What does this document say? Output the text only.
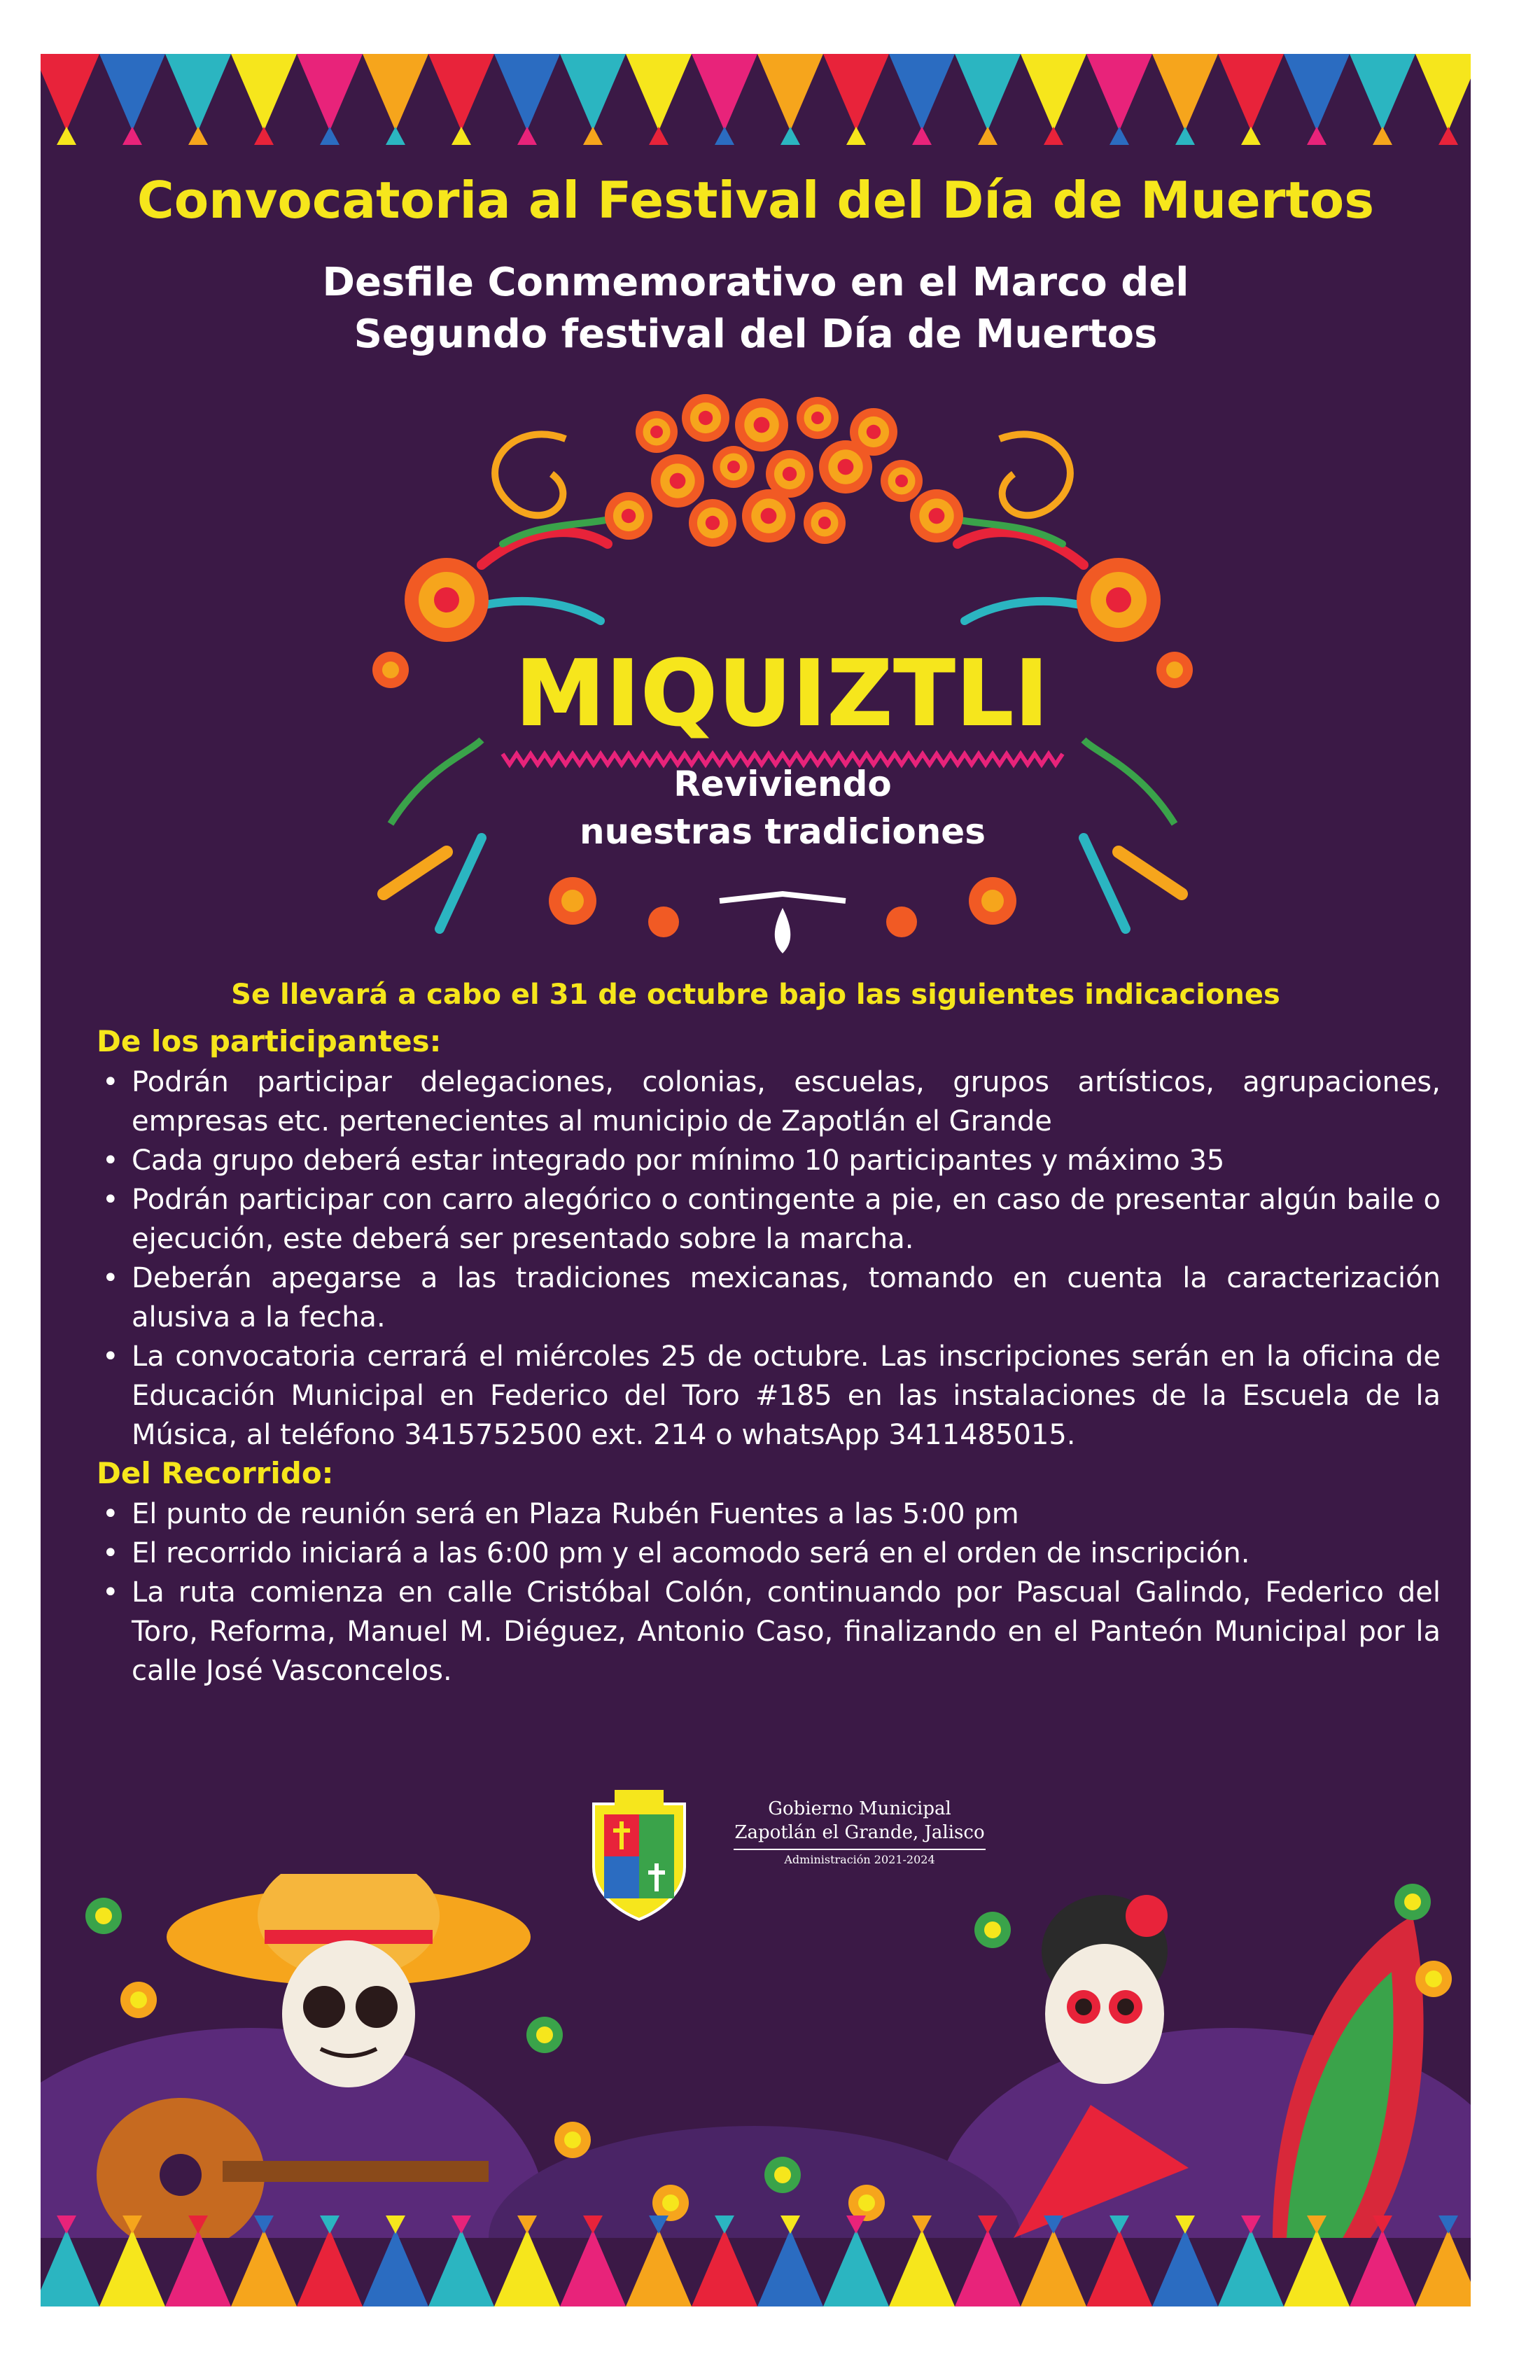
Convocatoria al Festival del Día de Muertos
Desfile Conmemorativo en el Marco del
Segundo festival del Día de Muertos
MIQUIZTLI
Reviviendo
nuestras tradiciones
Se llevará a cabo el 31 de octubre bajo las siguientes indicaciones
De los participantes:
• Podrán participar delegaciones, colonias, escuelas, grupos artísticos, agrupaciones, empresas etc. pertenecientes al municipio de Zapotlán el Grande
• Cada grupo deberá estar integrado por mínimo 10 participantes y máximo 35
• Podrán participar con carro alegórico o contingente a pie, en caso de presentar algún baile o ejecución, este deberá ser presentado sobre la marcha.
• Deberán apegarse a las tradiciones mexicanas, tomando en cuenta la caracterización alusiva a la fecha.
• La convocatoria cerrará el miércoles 25 de octubre. Las inscripciones serán en la oficina de Educación Municipal en Federico del Toro #185 en las instalaciones de la Escuela de la Música, al teléfono 3415752500 ext. 214 o whatsApp 3411485015.
Del Recorrido:
• El punto de reunión será en Plaza Rubén Fuentes a las 5:00 pm
• El recorrido iniciará a las 6:00 pm y el acomodo será en el orden de inscripción.
• La ruta comienza en calle Cristóbal Colón, continuando por Pascual Galindo, Federico del Toro, Reforma, Manuel M. Diéguez, Antonio Caso, finalizando en el Panteón Municipal por la calle José Vasconcelos.
Gobierno Municipal
Zapotlán el Grande, Jalisco
Administración 2021-2024
